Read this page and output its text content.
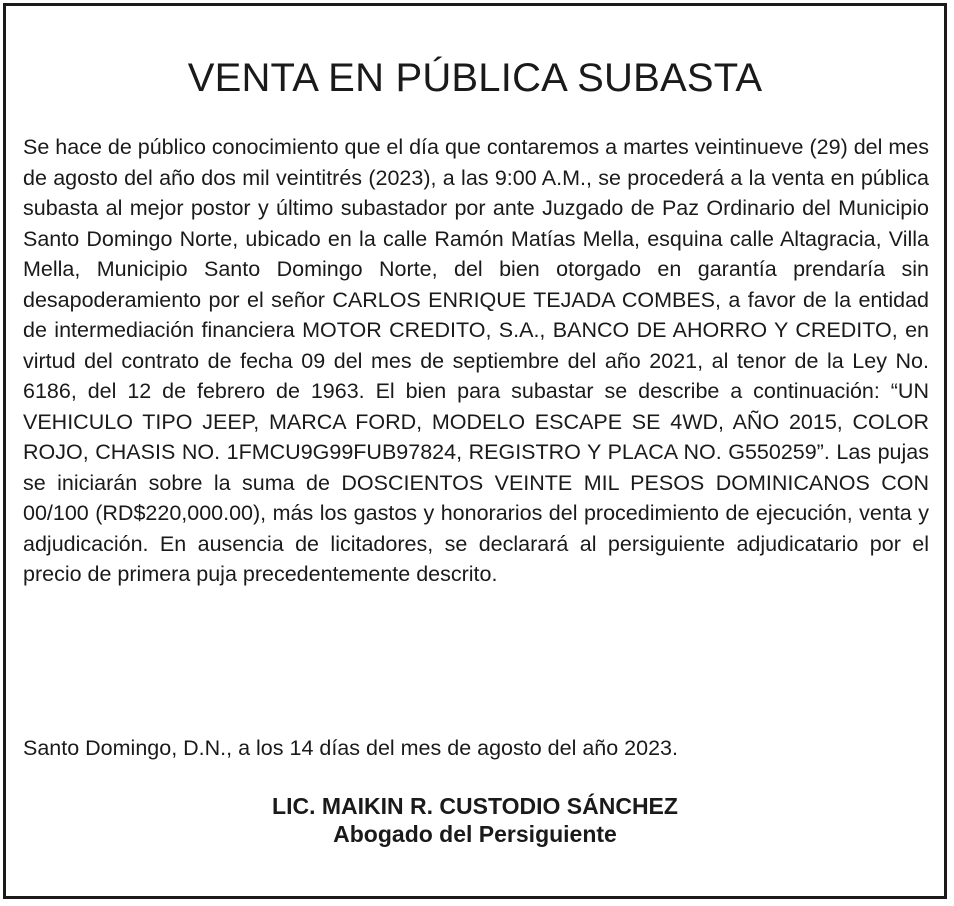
VENTA EN PÚBLICA SUBASTA

Se hace de público conocimiento que el día que contaremos a martes veintinueve (29) del mes de agosto del año dos mil veintitrés (2023), a las 9:00 A.M., se procederá a la venta en pública subasta al mejor postor y último subastador por ante Juzgado de Paz Ordinario del Municipio Santo Domingo Norte, ubicado en la calle Ramón Matías Mella, esquina calle Altagracia, Villa Mella, Municipio Santo Domingo Norte, del bien otorgado en garantía prendaría sin desapoderamiento por el señor CARLOS ENRIQUE TEJADA COMBES, a favor de la entidad de intermediación financiera MOTOR CREDITO, S.A., BANCO DE AHORRO Y CREDITO, en virtud del contrato de fecha 09 del mes de septiembre del año 2021, al tenor de la Ley No. 6186, del 12 de febrero de 1963. El bien para subastar se describe a continuación: “UN VEHICULO TIPO JEEP, MARCA FORD, MODELO ESCAPE SE 4WD, AÑO 2015, COLOR ROJO, CHASIS NO. 1FMCU9G99FUB97824, REGISTRO Y PLACA NO. G550259”. Las pujas se iniciarán sobre la suma de DOSCIENTOS VEINTE MIL PESOS DOMINICANOS CON 00/100 (RD$220,000.00), más los gastos y honorarios del procedimiento de ejecución, venta y adjudicación. En ausencia de licitadores, se declarará al persiguiente adjudicatario por el precio de primera puja precedentemente descrito.

Santo Domingo, D.N., a los 14 días del mes de agosto del año 2023.

LIC. MAIKIN R. CUSTODIO SÁNCHEZ
Abogado del Persiguiente
